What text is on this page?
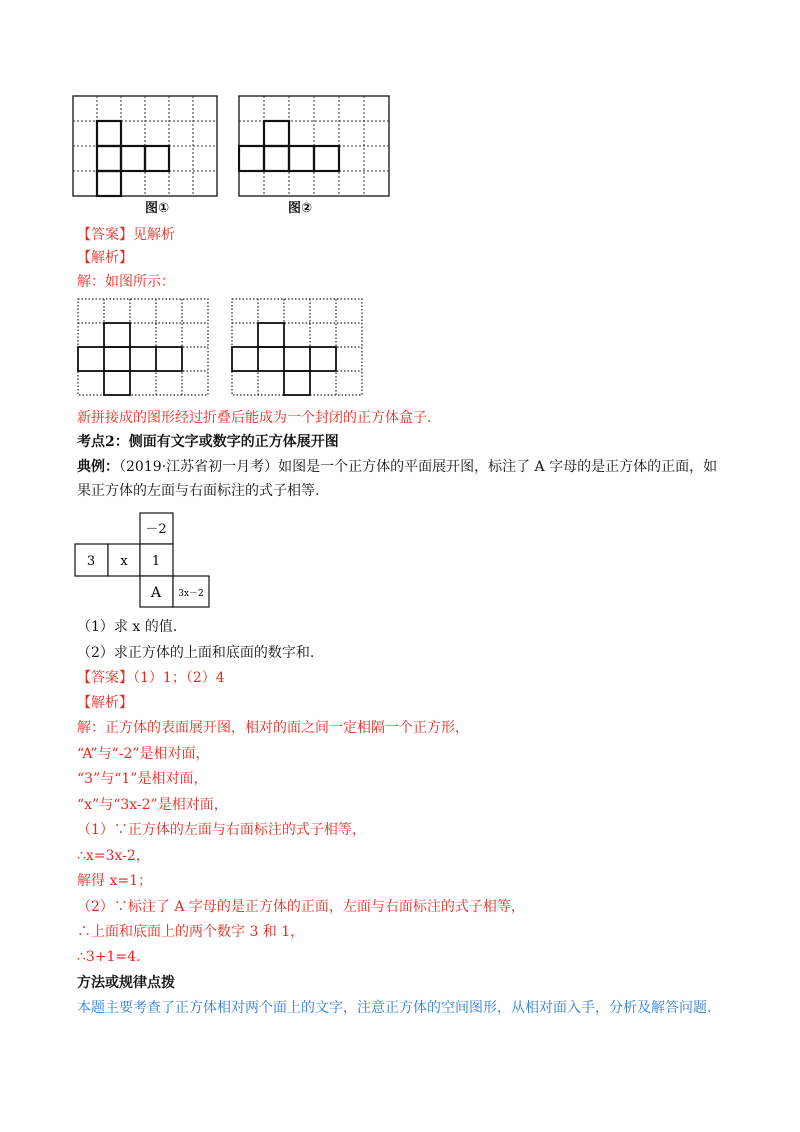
图①	图②
【答案】见解析
【解析】
解：如图所示：
新拼接成的图形经过折叠后能成为一个封闭的正方体盒子.
考点2：侧面有文字或数字的正方体展开图
典例：（2019·江苏省初一月考）如图是一个正方体的平面展开图，标注了 A 字母的是正方体的正面，如
果正方体的左面与右面标注的式子相等.
－2
3 x 1
A 3x－2
（1）求 x 的值.
（2）求正方体的上面和底面的数字和.
【答案】（1）1；（2）4
【解析】
解：正方体的表面展开图，相对的面之间一定相隔一个正方形，
“A”与“-2”是相对面，
“3”与“1”是相对面，
“x”与“3x-2”是相对面，
（1）∵正方体的左面与右面标注的式子相等，
∴x=3x-2，
解得 x=1；
（2）∵标注了 A 字母的是正方体的正面，左面与右面标注的式子相等，
∴上面和底面上的两个数字 3 和 1，
∴3+1=4.
方法或规律点拨
本题主要考查了正方体相对两个面上的文字，注意正方体的空间图形，从相对面入手，分析及解答问题.
